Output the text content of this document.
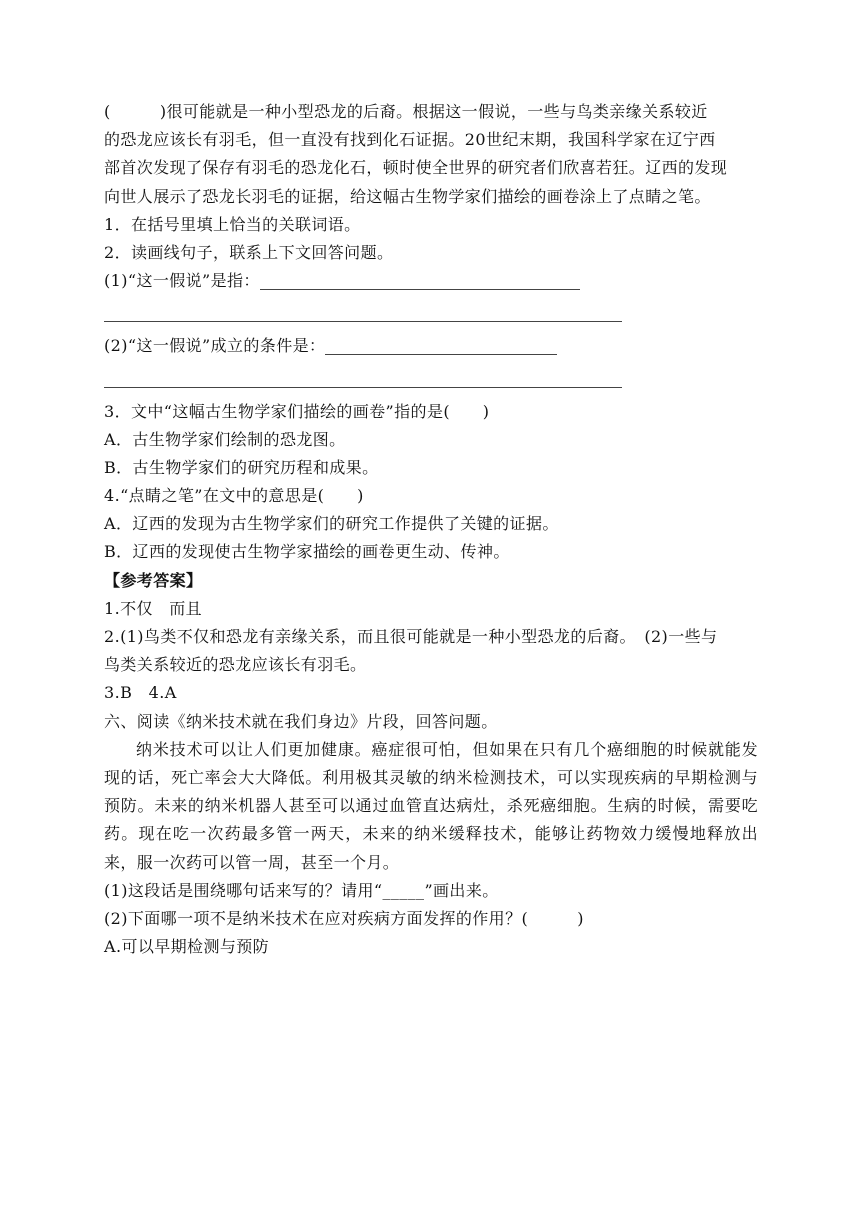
(　　　)很可能就是一种小型恐龙的后裔。根据这一假说，一些与鸟类亲缘关系较近
的恐龙应该长有羽毛，但一直没有找到化石证据。20世纪末期，我国科学家在辽宁西
部首次发现了保存有羽毛的恐龙化石，顿时使全世界的研究者们欣喜若狂。辽西的发现
向世人展示了恐龙长羽毛的证据，给这幅古生物学家们描绘的画卷涂上了点睛之笔。
1．在括号里填上恰当的关联词语。
2．读画线句子，联系上下文回答问题。
(1)“这一假说”是指：
(2)“这一假说”成立的条件是：
3．文中“这幅古生物学家们描绘的画卷”指的是(　　)
A．古生物学家们绘制的恐龙图。
B．古生物学家们的研究历程和成果。
4.“点睛之笔”在文中的意思是(　　)
A．辽西的发现为古生物学家们的研究工作提供了关键的证据。
B．辽西的发现使古生物学家描绘的画卷更生动、传神。
【参考答案】
1.不仅　而且
2.(1)鸟类不仅和恐龙有亲缘关系，而且很可能就是一种小型恐龙的后裔。　(2)一些与
鸟类关系较近的恐龙应该长有羽毛。
3.B　4.A
六、阅读《纳米技术就在我们身边》片段，回答问题。

纳米技术可以让人们更加健康。癌症很可怕，但如果在只有几个癌细胞的时候就能发现的话，死亡率会大大降低。利用极其灵敏的纳米检测技术，可以实现疾病的早期检测与预防。未来的纳米机器人甚至可以通过血管直达病灶，杀死癌细胞。生病的时候，需要吃药。现在吃一次药最多管一两天，未来的纳米缓释技术，能够让药物效力缓慢地释放出来，服一次药可以管一周，甚至一个月。

(1)这段话是围绕哪句话来写的？请用“_____”画出来。
(2)下面哪一项不是纳米技术在应对疾病方面发挥的作用？(　　　)
A.可以早期检测与预防
